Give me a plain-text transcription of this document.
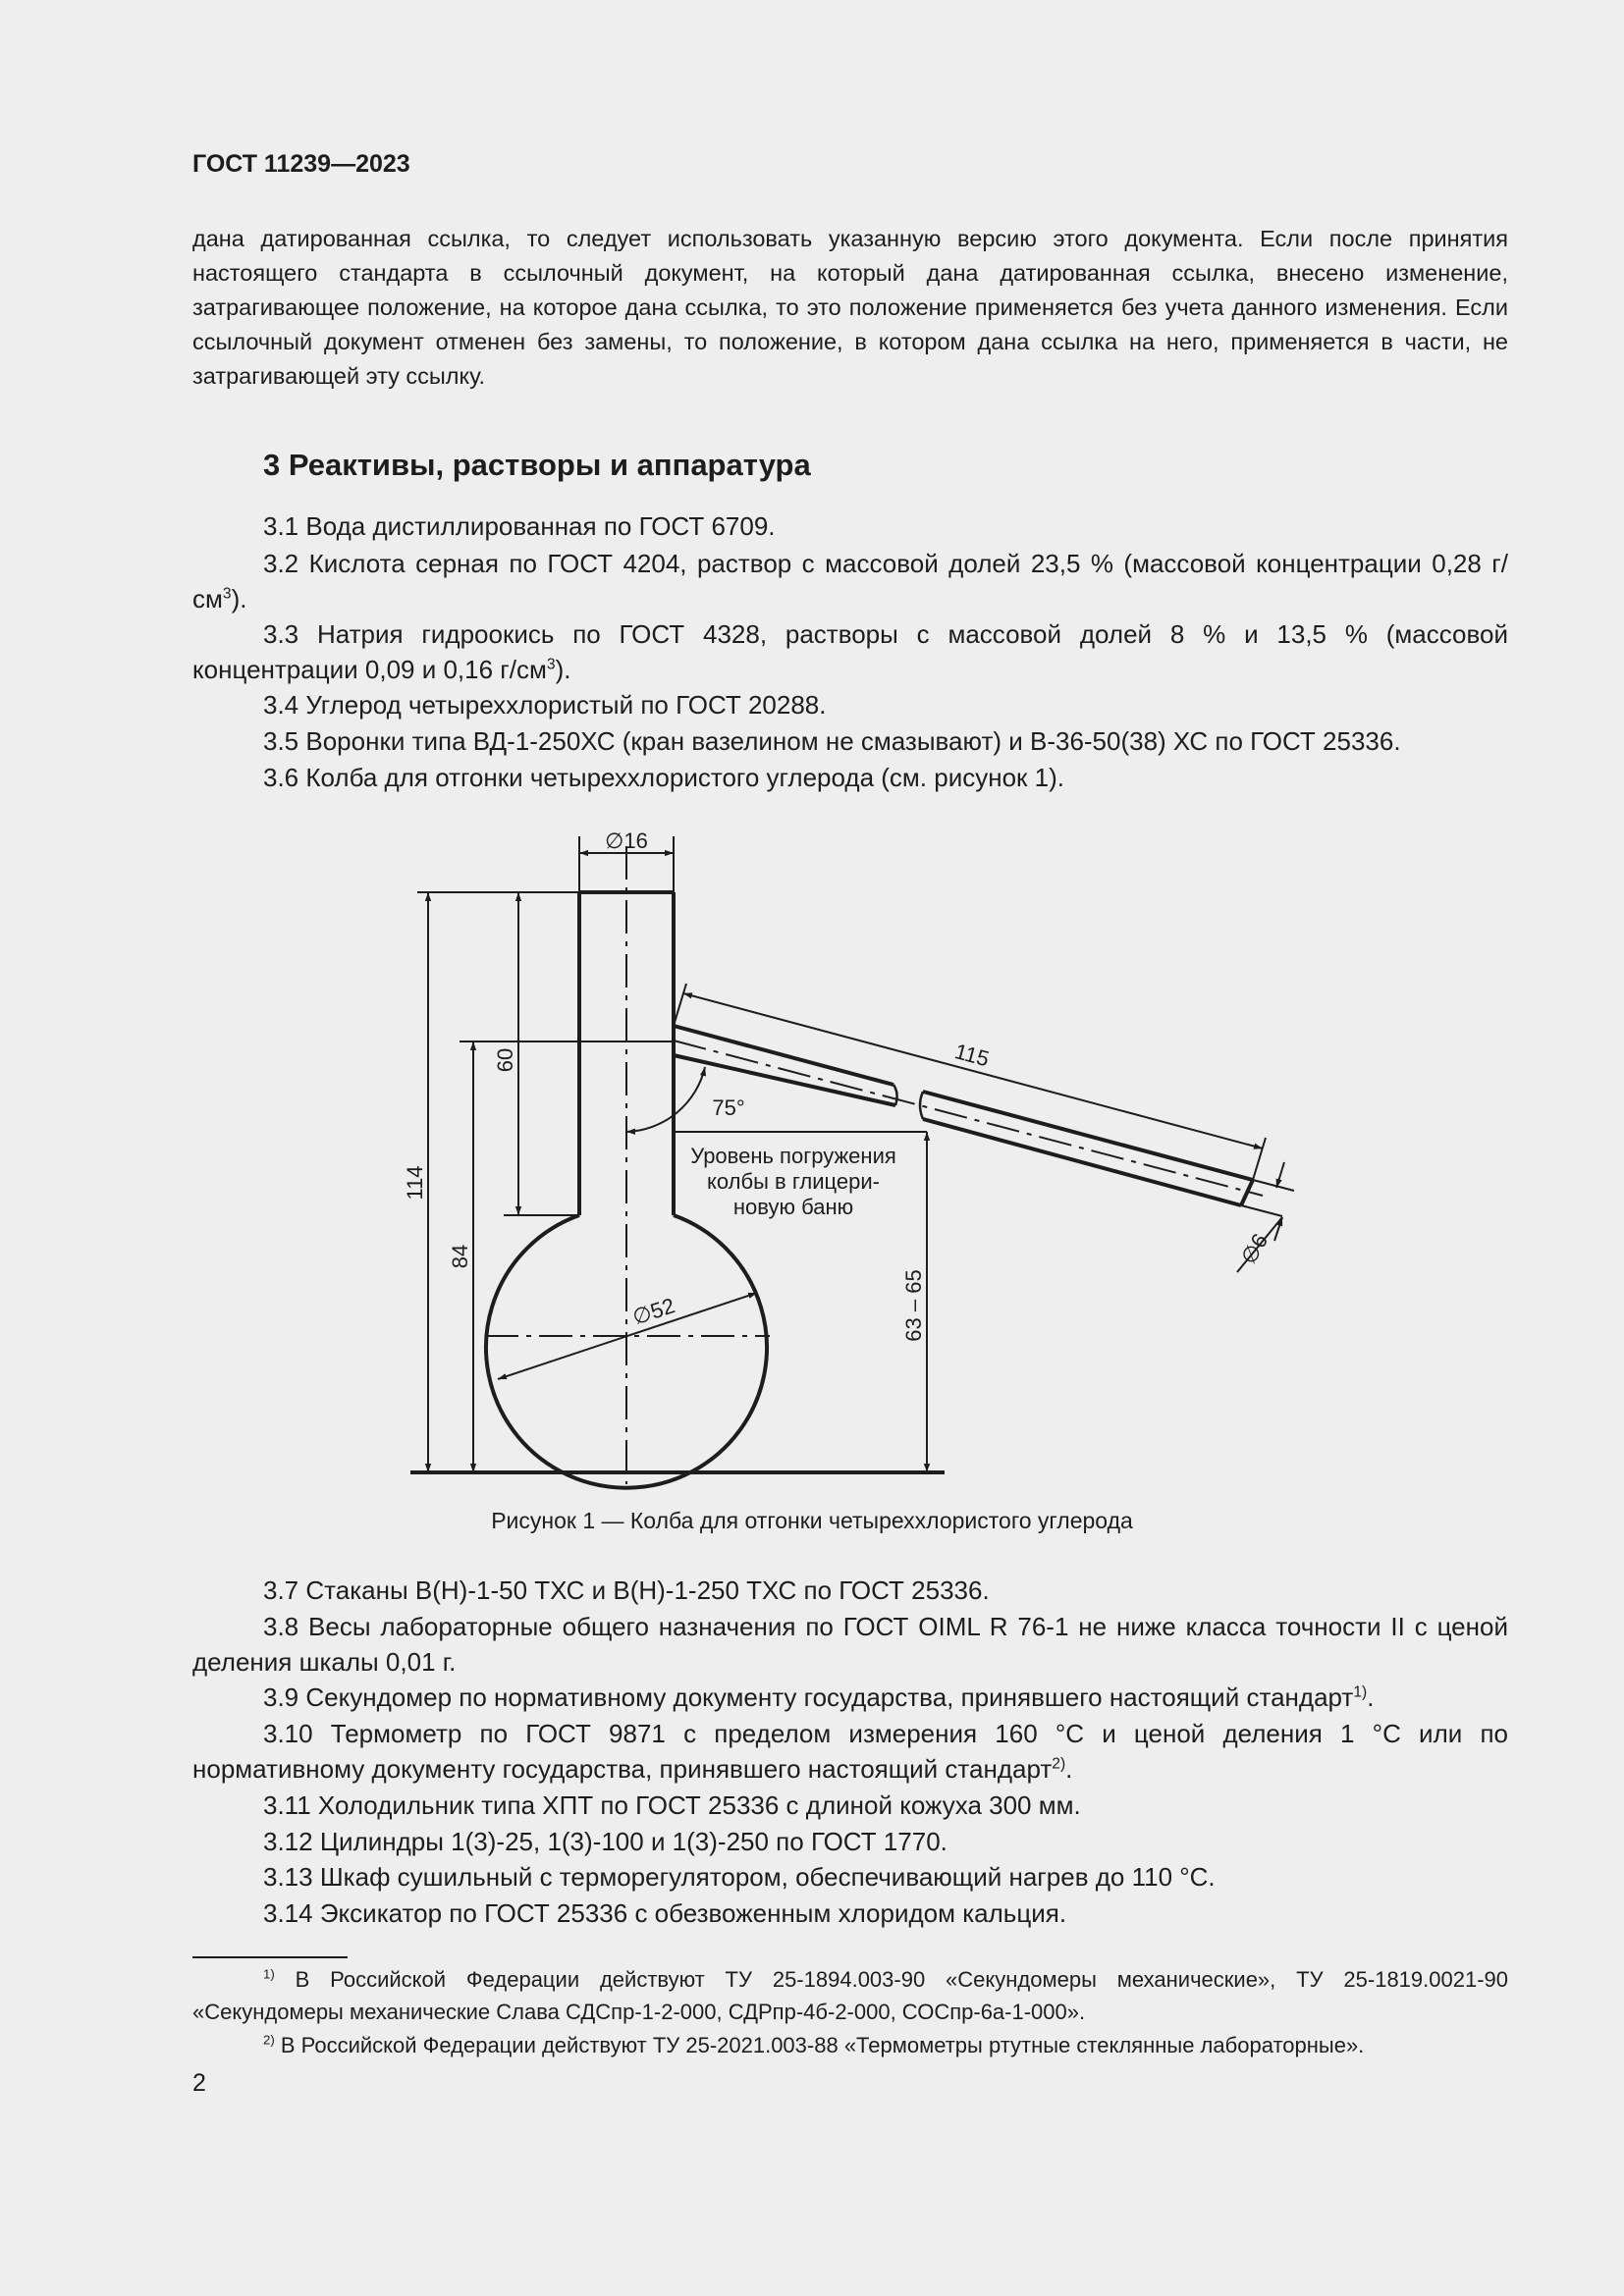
ГОСТ 11239—2023
дана датированная ссылка, то следует использовать указанную версию этого документа. Если после принятия настоящего стандарта в ссылочный документ, на который дана датированная ссылка, внесено изменение, затрагивающее положение, на которое дана ссылка, то это положение применяется без учета данного изменения. Если ссылочный документ отменен без замены, то положение, в котором дана ссылка на него, применяется в части, не затрагивающей эту ссылку.
3 Реактивы, растворы и аппаратура
3.1 Вода дистиллированная по ГОСТ 6709.
3.2 Кислота серная по ГОСТ 4204, раствор с массовой долей 23,5 % (массовой концентрации 0,28 $г/см^3$).
3.3 Натрия гидроокись по ГОСТ 4328, растворы с массовой долей 8 % и 13,5 % (массовой концентрации 0,09 и 0,16 $г/см^3$).
3.4 Углерод четыреххлористый по ГОСТ 20288.
3.5 Воронки типа ВД-1-250ХС (кран вазелином не смазывают) и В-36-50(38) ХС по ГОСТ 25336.
3.6 Колба для отгонки четыреххлористого углерода (см. рисунок 1).
∅16
114
60
84
∅52
115
75°
∅6
63 – 65
Уровень погружения
колбы в глицери-
новую баню
Рисунок 1 — Колба для отгонки четыреххлористого углерода
3.7 Стаканы В(Н)-1-50 ТХС и В(Н)-1-250 ТХС по ГОСТ 25336.
3.8 Весы лабораторные общего назначения по ГОСТ OIML R 76-1 не ниже класса точности II с ценой деления шкалы 0,01 г.
3.9 Секундомер по нормативному документу государства, принявшего настоящий стандарт$^{1)}$.
3.10 Термометр по ГОСТ 9871 с пределом измерения 160 °С и ценой деления 1 °С или по нормативному документу государства, принявшего настоящий стандарт$^{2)}$.
3.11 Холодильник типа ХПТ по ГОСТ 25336 с длиной кожуха 300 мм.
3.12 Цилиндры 1(3)-25, 1(3)-100 и 1(3)-250 по ГОСТ 1770.
3.13 Шкаф сушильный с терморегулятором, обеспечивающий нагрев до 110 °С.
3.14 Эксикатор по ГОСТ 25336 с обезвоженным хлоридом кальция.
$^{1)}$ В Российской Федерации действуют ТУ 25-1894.003-90 «Секундомеры механические», ТУ 25-1819.0021-90 «Секундомеры механические Слава СДСпр-1-2-000, СДРпр-4б-2-000, СОСпр-6а-1-000».
$^{2)}$ В Российской Федерации действуют ТУ 25-2021.003-88 «Термометры ртутные стеклянные лабораторные».
2
